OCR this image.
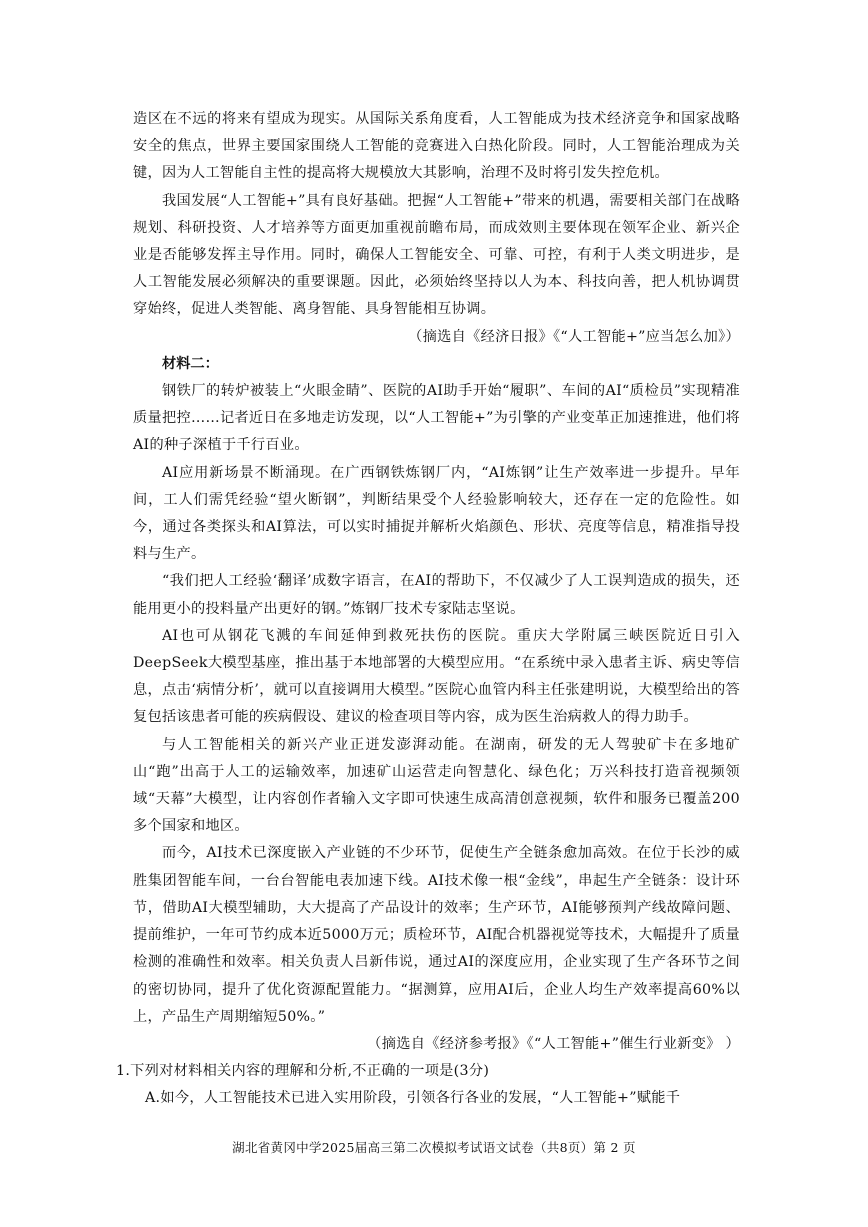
造区在不远的将来有望成为现实。从国际关系角度看，人工智能成为技术经济竞争和国家战略安全的焦点，世界主要国家围绕人工智能的竞赛进入白热化阶段。同时，人工智能治理成为关键，因为人工智能自主性的提高将大规模放大其影响，治理不及时将引发失控危机。

我国发展“人工智能+”具有良好基础。把握“人工智能+”带来的机遇，需要相关部门在战略规划、科研投资、人才培养等方面更加重视前瞻布局，而成效则主要体现在领军企业、新兴企业是否能够发挥主导作用。同时，确保人工智能安全、可靠、可控，有利于人类文明进步，是人工智能发展必须解决的重要课题。因此，必须始终坚持以人为本、科技向善，把人机协调贯穿始终，促进人类智能、离身智能、具身智能相互协调。

（摘选自《经济日报》《“人工智能+”应当怎么加》）

材料二：

钢铁厂的转炉被装上“火眼金睛”、医院的AI助手开始“履职”、车间的AI“质检员”实现精准质量把控……记者近日在多地走访发现，以“人工智能+”为引擎的产业变革正加速推进，他们将AI的种子深植于千行百业。

AI应用新场景不断涌现。在广西钢铁炼钢厂内，“AI炼钢”让生产效率进一步提升。早年间，工人们需凭经验“望火断钢”，判断结果受个人经验影响较大，还存在一定的危险性。如今，通过各类探头和AI算法，可以实时捕捉并解析火焰颜色、形状、亮度等信息，精准指导投料与生产。

“我们把人工经验‘翻译’成数字语言，在AI的帮助下，不仅减少了人工误判造成的损失，还能用更小的投料量产出更好的钢。”炼钢厂技术专家陆志坚说。

AI也可从钢花飞溅的车间延伸到救死扶伤的医院。重庆大学附属三峡医院近日引入DeepSeek大模型基座，推出基于本地部署的大模型应用。“在系统中录入患者主诉、病史等信息，点击‘病情分析’，就可以直接调用大模型。”医院心血管内科主任张建明说，大模型给出的答复包括该患者可能的疾病假设、建议的检查项目等内容，成为医生治病救人的得力助手。

与人工智能相关的新兴产业正迸发澎湃动能。在湖南，研发的无人驾驶矿卡在多地矿山“跑”出高于人工的运输效率，加速矿山运营走向智慧化、绿色化；万兴科技打造音视频领域“天幕”大模型，让内容创作者输入文字即可快速生成高清创意视频，软件和服务已覆盖200多个国家和地区。

而今，AI技术已深度嵌入产业链的不少环节，促使生产全链条愈加高效。在位于长沙的威胜集团智能车间，一台台智能电表加速下线。AI技术像一根“金线”，串起生产全链条：设计环节，借助AI大模型辅助，大大提高了产品设计的效率；生产环节，AI能够预判产线故障问题、提前维护，一年可节约成本近5000万元；质检环节，AI配合机器视觉等技术，大幅提升了质量检测的准确性和效率。相关负责人吕新伟说，通过AI的深度应用，企业实现了生产各环节之间的密切协同，提升了优化资源配置能力。“据测算，应用AI后，企业人均生产效率提高60%以上，产品生产周期缩短50%。”

（摘选自《经济参考报》《“人工智能+”催生行业新变》 ）

1.下列对材料相关内容的理解和分析,不正确的一项是(3分)

A.如今，人工智能技术已进入实用阶段，引领各行各业的发展，“人工智能+”赋能千

湖北省黄冈中学2025届高三第二次模拟考试语文试卷（共8页）第 2 页
